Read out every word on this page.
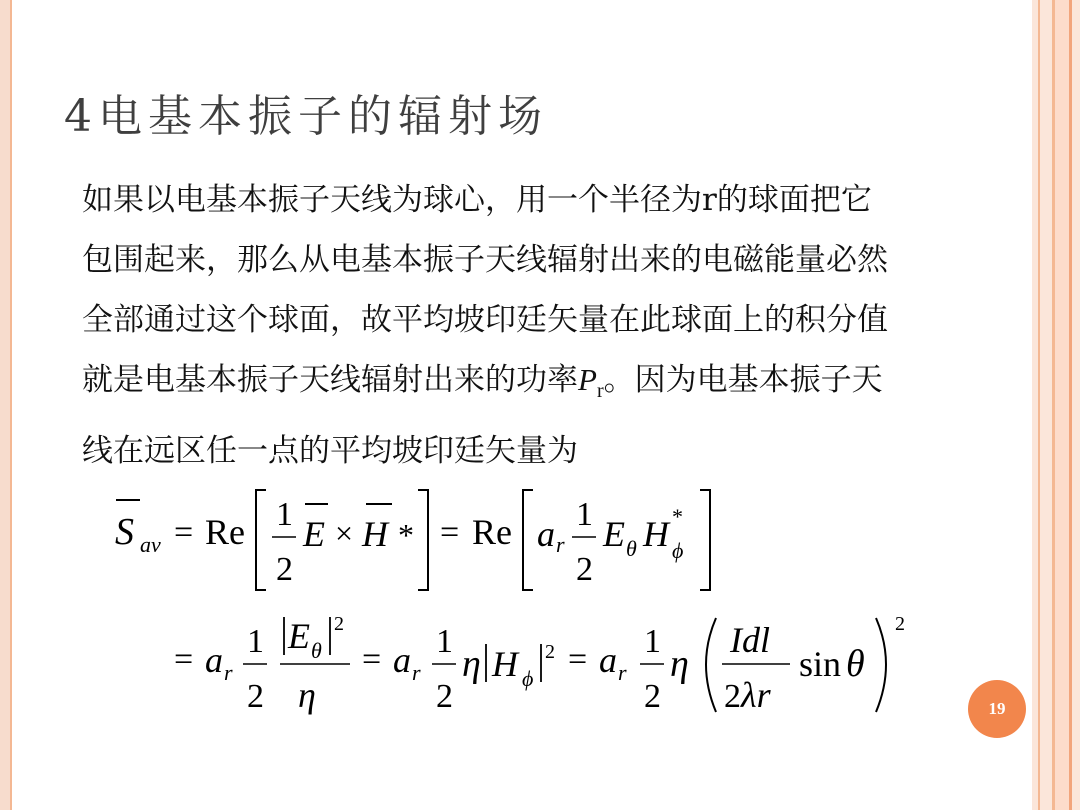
4电基本振子的辐射场

如果以电基本振子天线为球心，用一个半径为r的球面把它

包围起来，那么从电基本振子天线辐射出来的电磁能量必然

全部通过这个球面，故平均坡印廷矢量在此球面上的积分值

就是电基本振子天线辐射出来的功率$P_r$。因为电基本振子天

线在远区任一点的平均坡印廷矢量为

S av = Re 1
2
E × H * = Re a r
1
2
E θ H *
ϕ
= a r
1
2
E θ
2
η
= a r
1
2
η H ϕ
2 = a r
1
2
η
Idl
2 λr
sin θ
2
19
